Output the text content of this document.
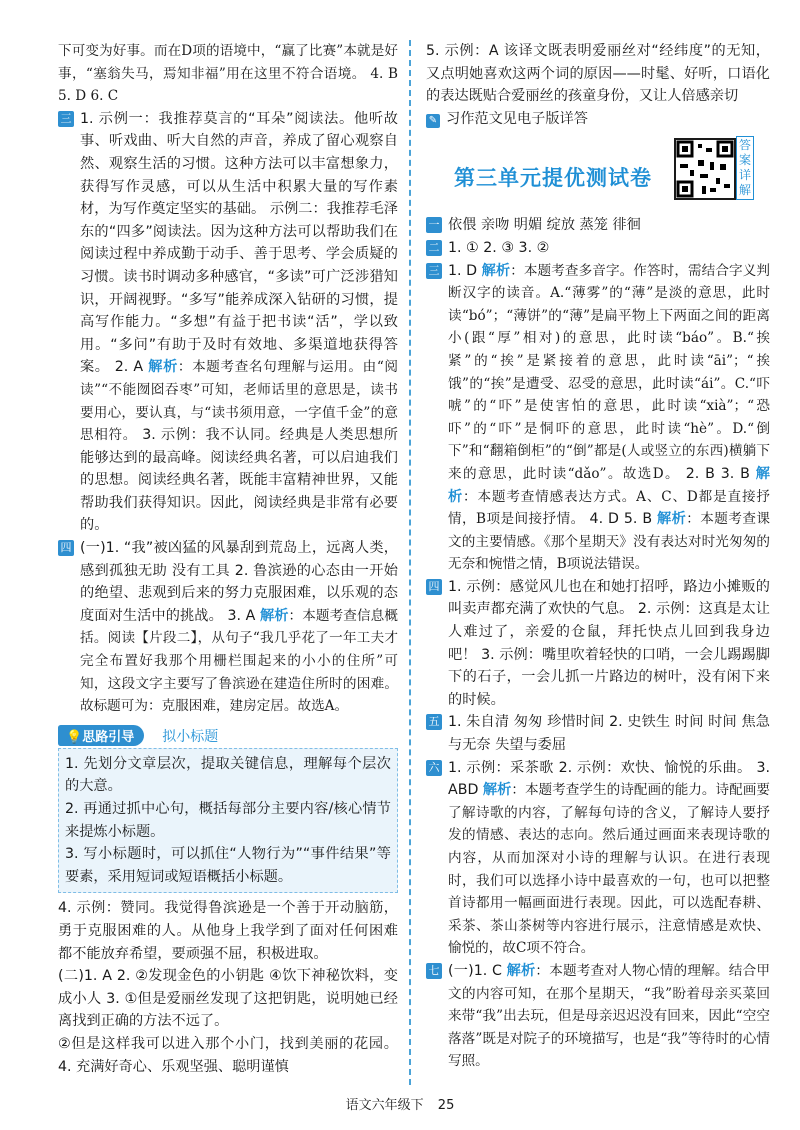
下可变为好事。而在D项的语境中，“赢了比赛”本就是好事，“塞翁失马，焉知非福”用在这里不符合语境。 4. B 5. D 6. C

三 1. 示例一：我推荐莫言的“耳朵”阅读法。他听故事、听戏曲、听大自然的声音，养成了留心观察自然、观察生活的习惯。这种方法可以丰富想象力，获得写作灵感，可以从生活中积累大量的写作素材，为写作奠定坚实的基础。 示例二：我推荐毛泽东的“四多”阅读法。因为这种方法可以帮助我们在阅读过程中养成勤于动手、善于思考、学会质疑的习惯。读书时调动多种感官，“多读”可广泛涉猎知识，开阔视野。“多写”能养成深入钻研的习惯，提高写作能力。“多想”有益于把书读“活”，学以致用。“多问”有助于及时有效地、多渠道地获得答案。 2. A 解析：本题考查名句理解与运用。由“阅读”“不能囫囵吞枣”可知，老师话里的意思是，读书要用心，要认真，与“读书须用意，一字值千金”的意思相符。 3. 示例：我不认同。经典是人类思想所能够达到的最高峰。阅读经典名著，可以启迪我们的思想。阅读经典名著，既能丰富精神世界，又能帮助我们获得知识。因此，阅读经典是非常有必要的。

四 (一)1. “我”被凶猛的风暴刮到荒岛上，远离人类，感到孤独无助 没有工具 2. 鲁滨逊的心态由一开始的绝望、悲观到后来的努力克服困难，以乐观的态度面对生活中的挑战。 3. A 解析：本题考查信息概括。阅读【片段二】，从句子“我几乎花了一年工夫才完全布置好我那个用栅栏围起来的小小的住所”可知，这段文字主要写了鲁滨逊在建造住所时的困难。故标题可为：克服困难，建房定居。故选A。

💡思路引导	拟小标题

1. 先划分文章层次，提取关键信息，理解每个层次的大意。

2. 再通过抓中心句，概括每部分主要内容/核心情节来提炼小标题。

3. 写小标题时，可以抓住“人物行为”“事件结果”等要素，采用短词或短语概括小标题。

4. 示例：赞同。我觉得鲁滨逊是一个善于开动脑筋，勇于克服困难的人。从他身上我学到了面对任何困难都不能放弃希望，要顽强不屈，积极进取。

(二)1. A 2. ②发现金色的小钥匙 ④饮下神秘饮料，变成小人 3. ①但是爱丽丝发现了这把钥匙，说明她已经离找到正确的方法不远了。

②但是这样我可以进入那个小门，找到美丽的花园。 4. 充满好奇心、乐观坚强、聪明谨慎

5. 示例：A 该译文既表明爱丽丝对“经纬度”的无知，又点明她喜欢这两个词的原因——时髦、好听，口语化的表达既贴合爱丽丝的孩童身份，又让人倍感亲切

✎ 习作范文见电子版详答

第三单元提优测试卷
答案详解
一 依偎 亲吻 明媚 绽放 蒸笼 徘徊

二 1. ① 2. ③ 3. ②

三 1. D 解析：本题考查多音字。作答时，需结合字义判断汉字的读音。A.“薄雾”的“薄”是淡的意思，此时读“bó”；“薄饼”的“薄”是扁平物上下两面之间的距离小(跟“厚”相对)的意思，此时读“báo”。B.“挨紧”的“挨”是紧接着的意思，此时读“āi”；“挨饿”的“挨”是遭受、忍受的意思，此时读“ái”。C.“吓唬”的“吓”是使害怕的意思，此时读“xià”；“恐吓”的“吓”是恫吓的意思，此时读“hè”。D.“倒下”和“翻箱倒柜”的“倒”都是(人或竖立的东西)横躺下来的意思，此时读“dǎo”。故选D。 2. B 3. B 解析：本题考查情感表达方式。A、C、D都是直接抒情，B项是间接抒情。 4. D 5. B 解析：本题考查课文的主要情感。《那个星期天》没有表达对时光匆匆的无奈和惋惜之情，B项说法错误。

四 1. 示例：感觉风儿也在和她打招呼，路边小摊贩的叫卖声都充满了欢快的气息。 2. 示例：这真是太让人难过了，亲爱的仓鼠，拜托快点儿回到我身边吧！ 3. 示例：嘴里吹着轻快的口哨，一会儿踢踢脚下的石子，一会儿抓一片路边的树叶，没有闲下来的时候。

五 1. 朱自清 匆匆 珍惜时间 2. 史铁生 时间 时间 焦急与无奈 失望与委屈

六 1. 示例：采茶歌 2. 示例：欢快、愉悦的乐曲。 3. ABD 解析：本题考查学生的诗配画的能力。诗配画要了解诗歌的内容，了解每句诗的含义，了解诗人要抒发的情感、表达的志向。然后通过画面来表现诗歌的内容，从而加深对小诗的理解与认识。在进行表现时，我们可以选择小诗中最喜欢的一句，也可以把整首诗都用一幅画面进行表现。因此，可以选配春耕、采茶、茶山茶树等内容进行展示，注意情感是欢快、愉悦的，故C项不符合。

七 (一)1. C 解析：本题考查对人物心情的理解。结合甲文的内容可知，在那个星期天，“我”盼着母亲买菜回来带“我”出去玩，但是母亲迟迟没有回来，因此“空空落落”既是对院子的环境描写，也是“我”等待时的心情写照。

语文六年级下 25
